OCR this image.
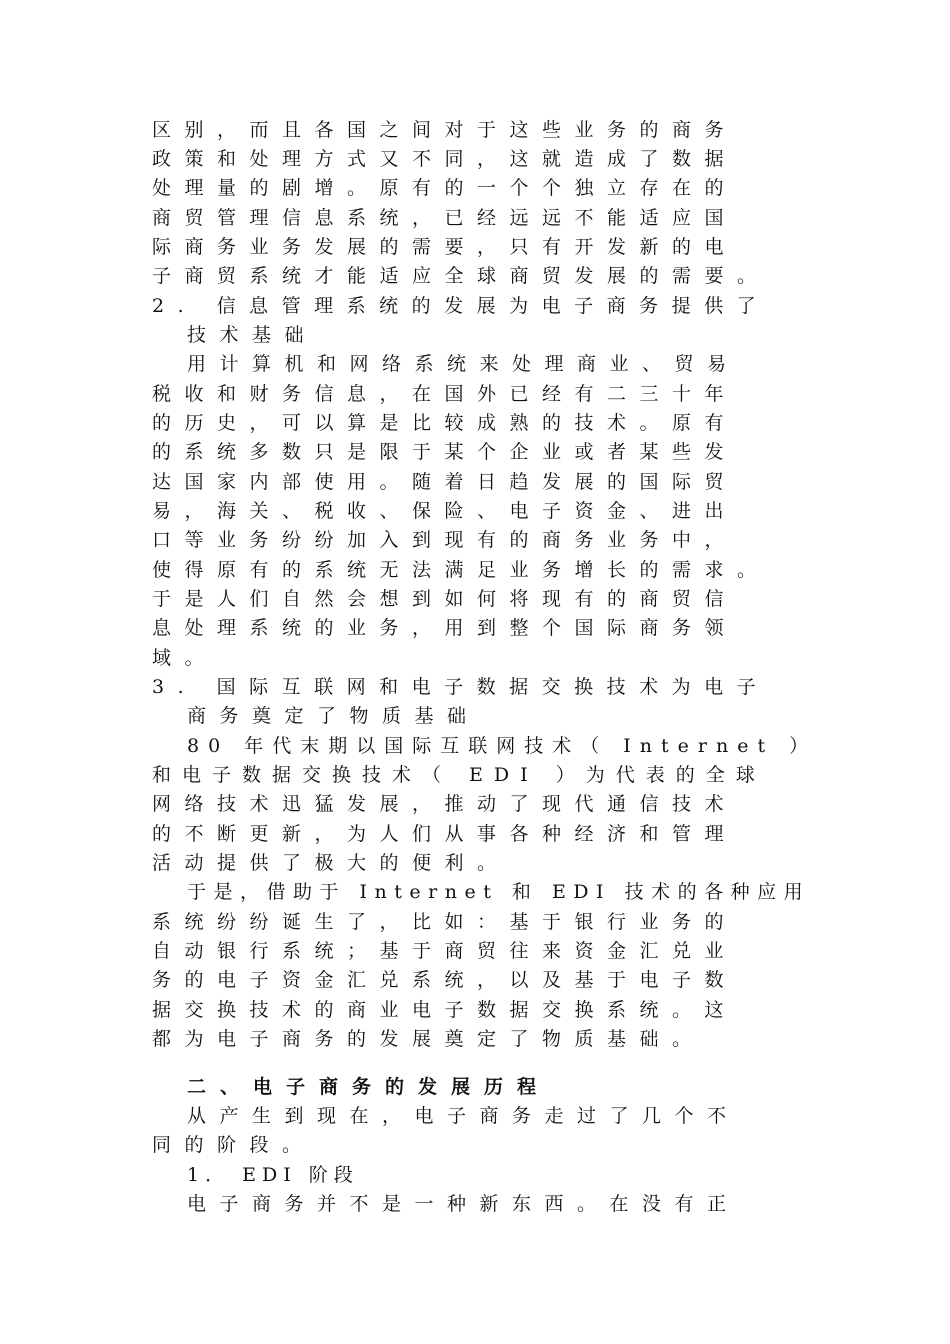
区别，而且各国之间对于这些业务的商务
政策和处理方式又不同，这就造成了数据
处理量的剧增。原有的一个个独立存在的
商贸管理信息系统，已经远远不能适应国
际商务业务发展的需要，只有开发新的电
子商贸系统才能适应全球商贸发展的需要。
2. 信息管理系统的发展为电子商务提供了
技术基础
用计算机和网络系统来处理商业、贸易
税收和财务信息，在国外已经有二三十年
的历史，可以算是比较成熟的技术。原有
的系统多数只是限于某个企业或者某些发
达国家内部使用。随着日趋发展的国际贸
易，海关、税收、保险、电子资金、进出
口等业务纷纷加入到现有的商务业务中，
使得原有的系统无法满足业务增长的需求。
于是人们自然会想到如何将现有的商贸信
息处理系统的业务，用到整个国际商务领
域。
3. 国际互联网和电子数据交换技术为电子
商务奠定了物质基础
80 年代末期以国际互联网技术（ Internet ）
和电子数据交换技术（ EDI ）为代表的全球
网络技术迅猛发展，推动了现代通信技术
的不断更新，为人们从事各种经济和管理
活动提供了极大的便利。
于是，借助于 Internet 和 EDI 技术的各种应用
系统纷纷诞生了，比如：基于银行业务的
自动银行系统；基于商贸往来资金汇兑业
务的电子资金汇兑系统，以及基于电子数
据交换技术的商业电子数据交换系统。这
都为电子商务的发展奠定了物质基础。
二、电子商务的发展历程
从产生到现在，电子商务走过了几个不
同的阶段。
1． EDI 阶段
电子商务并不是一种新东西。在没有正
